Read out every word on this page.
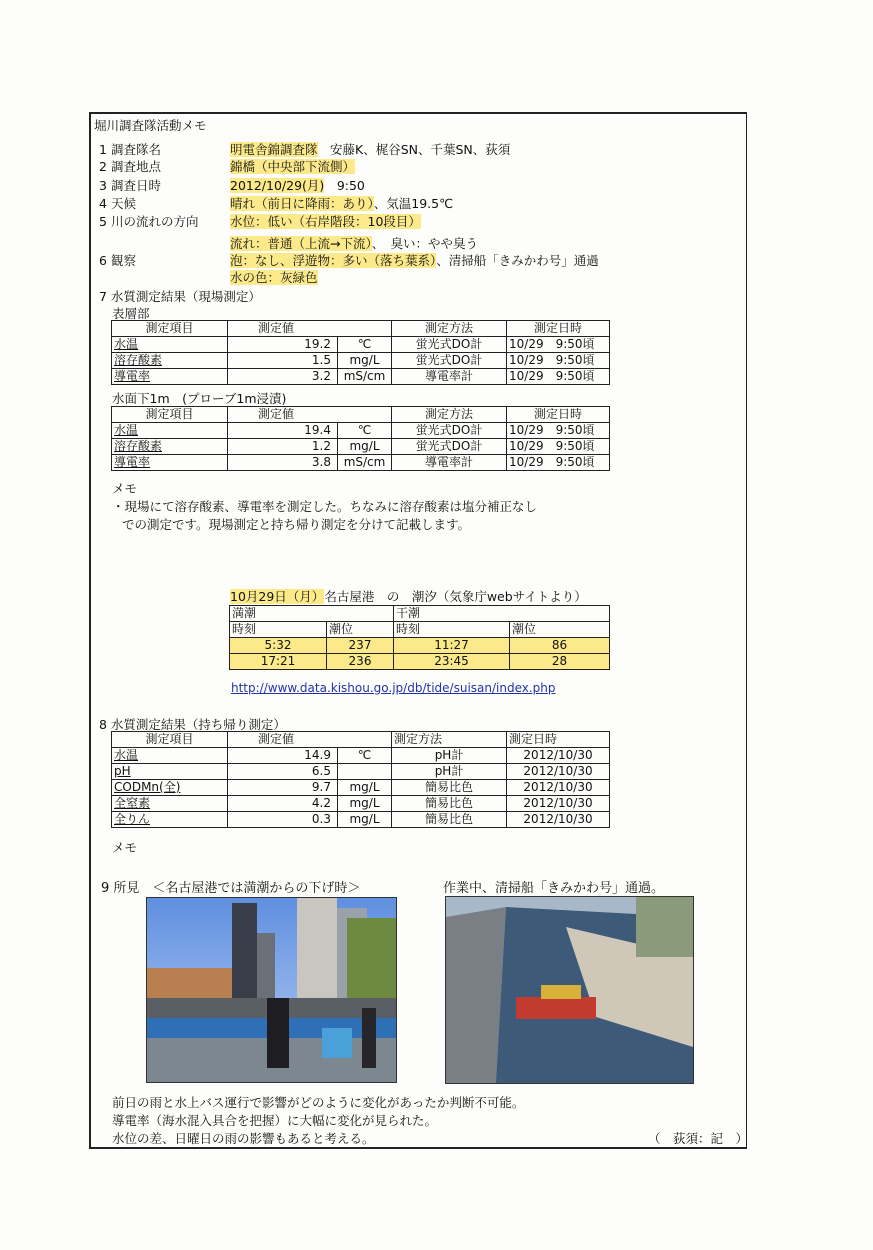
堀川調査隊活動メモ
1 調査隊名	明電舎錦調査隊　安藤K、梶谷SN、千葉SN、荻須
2 調査地点	錦橋（中央部下流側）
3 調査日時	2012/10/29(月)　9:50
4 天候	晴れ（前日に降雨：あり）、気温19.5℃
5 川の流れの方向	水位：低い（右岸階段：10段目）
流れ：普通（上流→下流）、　臭い：やや臭う
6 観察	泡：なし、浮遊物：多い（落ち葉系）、清掃船「きみかわ号」通過
水の色：灰緑色
7 水質測定結果（現場測定）
表層部
測定項目	測定値		測定方法	測定日時
水温	19.2	℃	蛍光式DO計	10/29　9:50頃
溶存酸素	1.5	mg/L	蛍光式DO計	10/29　9:50頃
導電率	3.2	mS/cm	導電率計	10/29　9:50頃
水面下1m　(プローブ1m浸漬)
測定項目	測定値		測定方法	測定日時
水温	19.4	℃	蛍光式DO計	10/29　9:50頃
溶存酸素	1.2	mg/L	蛍光式DO計	10/29　9:50頃
導電率	3.8	mS/cm	導電率計	10/29　9:50頃
メモ
・現場にて溶存酸素、導電率を測定した。ちなみに溶存酸素は塩分補正なし
での測定です。現場測定と持ち帰り測定を分けて記載します。
10月29日（月）名古屋港　の　潮汐（気象庁webサイトより）
満潮		干潮	
時刻	潮位	時刻	潮位
5:32	237	11:27	86
17:21	236	23:45	28
http://www.data.kishou.go.jp/db/tide/suisan/index.php
8 水質測定結果（持ち帰り測定）
測定項目	測定値		測定方法	測定日時
水温	14.9	℃	pH計	2012/10/30
pH	6.5		pH計	2012/10/30
CODMn(全)	9.7	mg/L	簡易比色	2012/10/30
全窒素	4.2	mg/L	簡易比色	2012/10/30
全りん	0.3	mg/L	簡易比色	2012/10/30
メモ
9 所見　＜名古屋港では満潮からの下げ時＞	作業中、清掃船「きみかわ号」通過。
前日の雨と水上バス運行で影響がどのように変化があったか判断不可能。
導電率（海水混入具合を把握）に大幅に変化が見られた。
水位の差、日曜日の雨の影響もあると考える。	（　荻須：記　）
